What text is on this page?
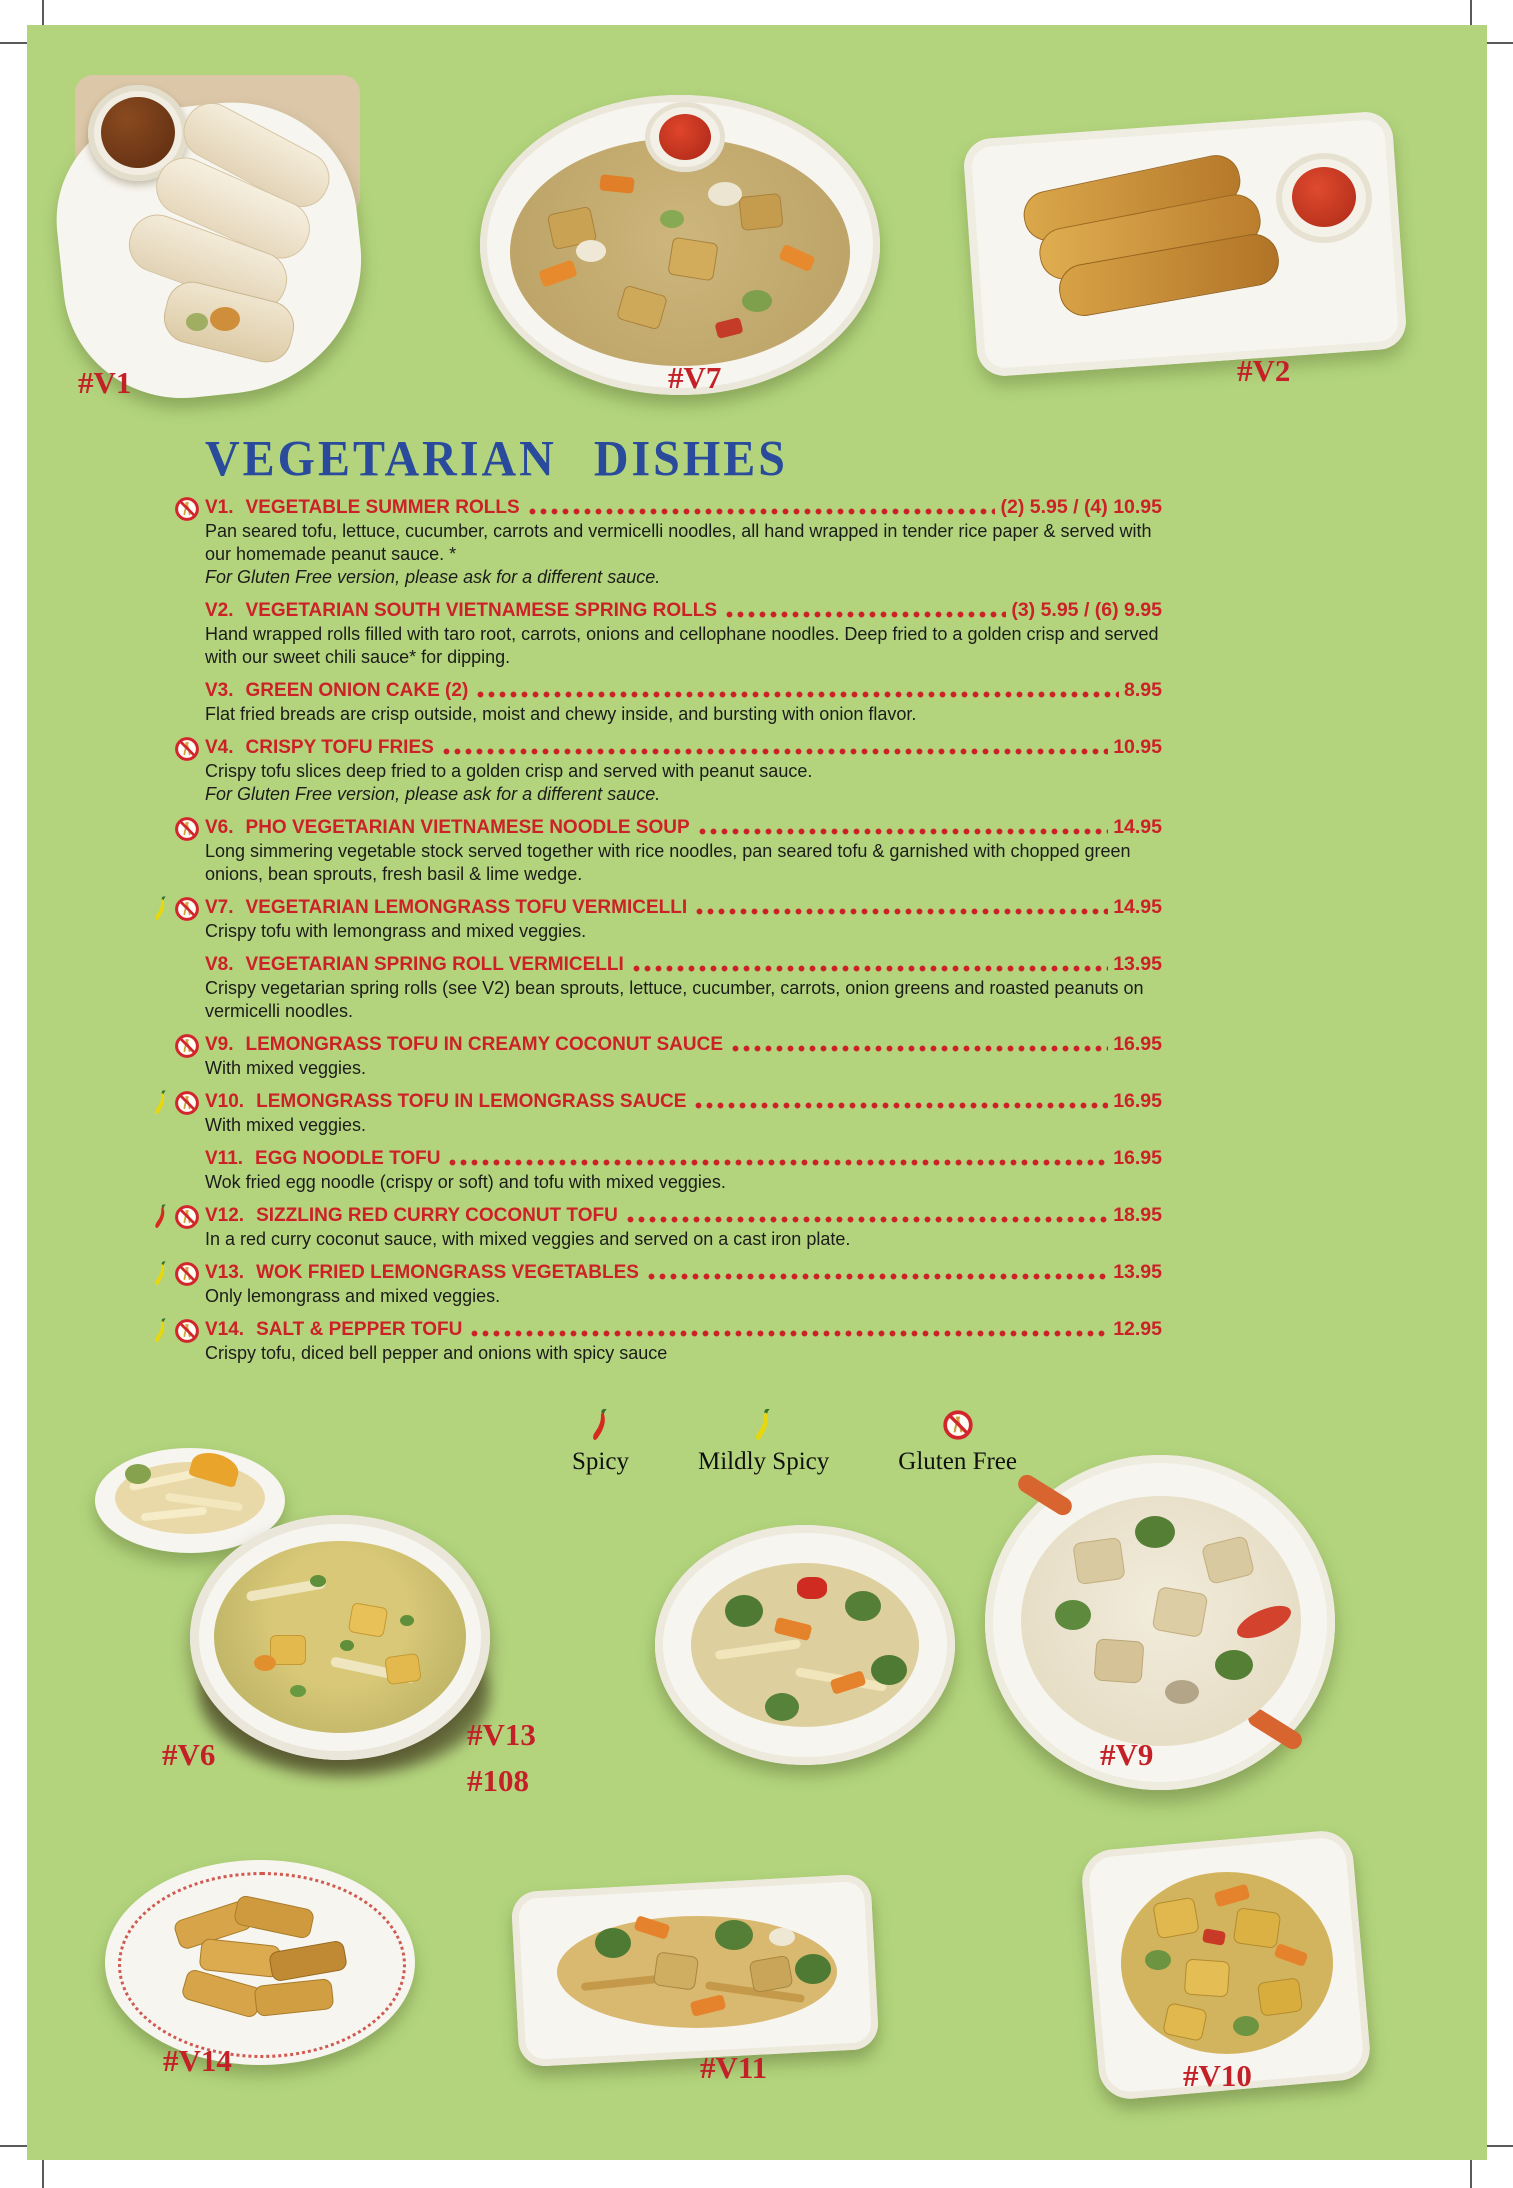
#V1	#V7	#V2
VEGETARIAN DISHES
V1. VEGETABLE SUMMER ROLLS	(2) 5.95 / (4) 10.95
Pan seared tofu, lettuce, cucumber, carrots and vermicelli noodles, all hand wrapped in tender rice paper & served with our homemade peanut sauce. *
For Gluten Free version, please ask for a different sauce.
V2. VEGETARIAN SOUTH VIETNAMESE SPRING ROLLS	(3) 5.95 / (6) 9.95
Hand wrapped rolls filled with taro root, carrots, onions and cellophane noodles. Deep fried to a golden crisp and served with our sweet chili sauce* for dipping.
V3. GREEN ONION CAKE (2)	8.95
Flat fried breads are crisp outside, moist and chewy inside, and bursting with onion flavor.
V4. CRISPY TOFU FRIES	10.95
Crispy tofu slices deep fried to a golden crisp and served with peanut sauce.
For Gluten Free version, please ask for a different sauce.
V6. PHO VEGETARIAN VIETNAMESE NOODLE SOUP	14.95
Long simmering vegetable stock served together with rice noodles, pan seared tofu & garnished with chopped green onions, bean sprouts, fresh basil & lime wedge.
V7. VEGETARIAN LEMONGRASS TOFU VERMICELLI	14.95
Crispy tofu with lemongrass and mixed veggies.
V8. VEGETARIAN SPRING ROLL VERMICELLI	13.95
Crispy vegetarian spring rolls (see V2) bean sprouts, lettuce, cucumber, carrots, onion greens and roasted peanuts on vermicelli noodles.
V9. LEMONGRASS TOFU IN CREAMY COCONUT SAUCE	16.95
With mixed veggies.
V10. LEMONGRASS TOFU IN LEMONGRASS SAUCE	16.95
With mixed veggies.
V11. EGG NOODLE TOFU	16.95
Wok fried egg noodle (crispy or soft) and tofu with mixed veggies.
V12. SIZZLING RED CURRY COCONUT TOFU	18.95
In a red curry coconut sauce, with mixed veggies and served on a cast iron plate.
V13. WOK FRIED LEMONGRASS VEGETABLES	13.95
Only lemongrass and mixed veggies.
V14. SALT & PEPPER TOFU	12.95
Crispy tofu, diced bell pepper and onions with spicy sauce
Spicy	Mildly Spicy	Gluten Free
#V6
#V13
#108
#V9
#V14	#V11	#V10
